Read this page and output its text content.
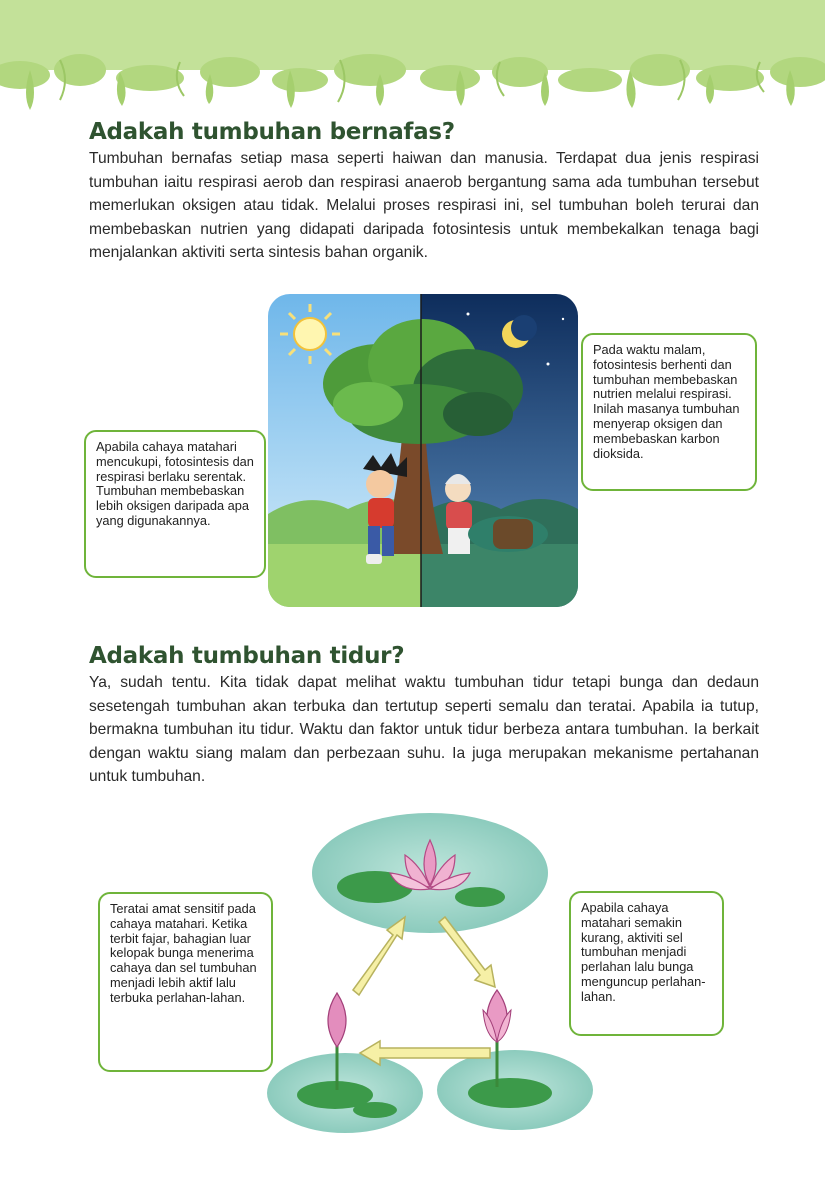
Adakah tumbuhan bernafas?

Tumbuhan bernafas setiap masa seperti haiwan dan manusia. Terdapat dua jenis respirasi tumbuhan iaitu respirasi aerob dan respirasi anaerob bergantung sama ada tumbuhan tersebut memerlukan oksigen atau tidak. Melalui proses respirasi ini, sel tumbuhan boleh terurai dan membebaskan nutrien yang didapati daripada fotosintesis untuk membekalkan tenaga bagi menjalankan aktiviti serta sintesis bahan organik.

Apabila cahaya matahari mencukupi, fotosintesis dan respirasi berlaku serentak. Tumbuhan membebaskan lebih oksigen daripada apa yang digunakannya.
Pada waktu malam, fotosintesis berhenti dan tumbuhan membebaskan nutrien melalui respirasi. Inilah masanya tumbuhan menyerap oksigen dan membebaskan karbon dioksida.
Adakah tumbuhan tidur?

Ya, sudah tentu. Kita tidak dapat melihat waktu tumbuhan tidur tetapi bunga dan dedaun sesetengah tumbuhan akan terbuka dan tertutup seperti semalu dan teratai. Apabila ia tutup, bermakna tumbuhan itu tidur. Waktu dan faktor untuk tidur berbeza antara tumbuhan. Ia berkait dengan waktu siang malam dan perbezaan suhu. Ia juga merupakan mekanisme pertahanan untuk tumbuhan.

Teratai amat sensitif pada cahaya matahari. Ketika terbit fajar, bahagian luar kelopak bunga menerima cahaya dan sel tumbuhan menjadi lebih aktif lalu terbuka perlahan-lahan.
Apabila cahaya matahari semakin kurang, aktiviti sel tumbuhan menjadi perlahan lalu bunga menguncup perlahan-lahan.
